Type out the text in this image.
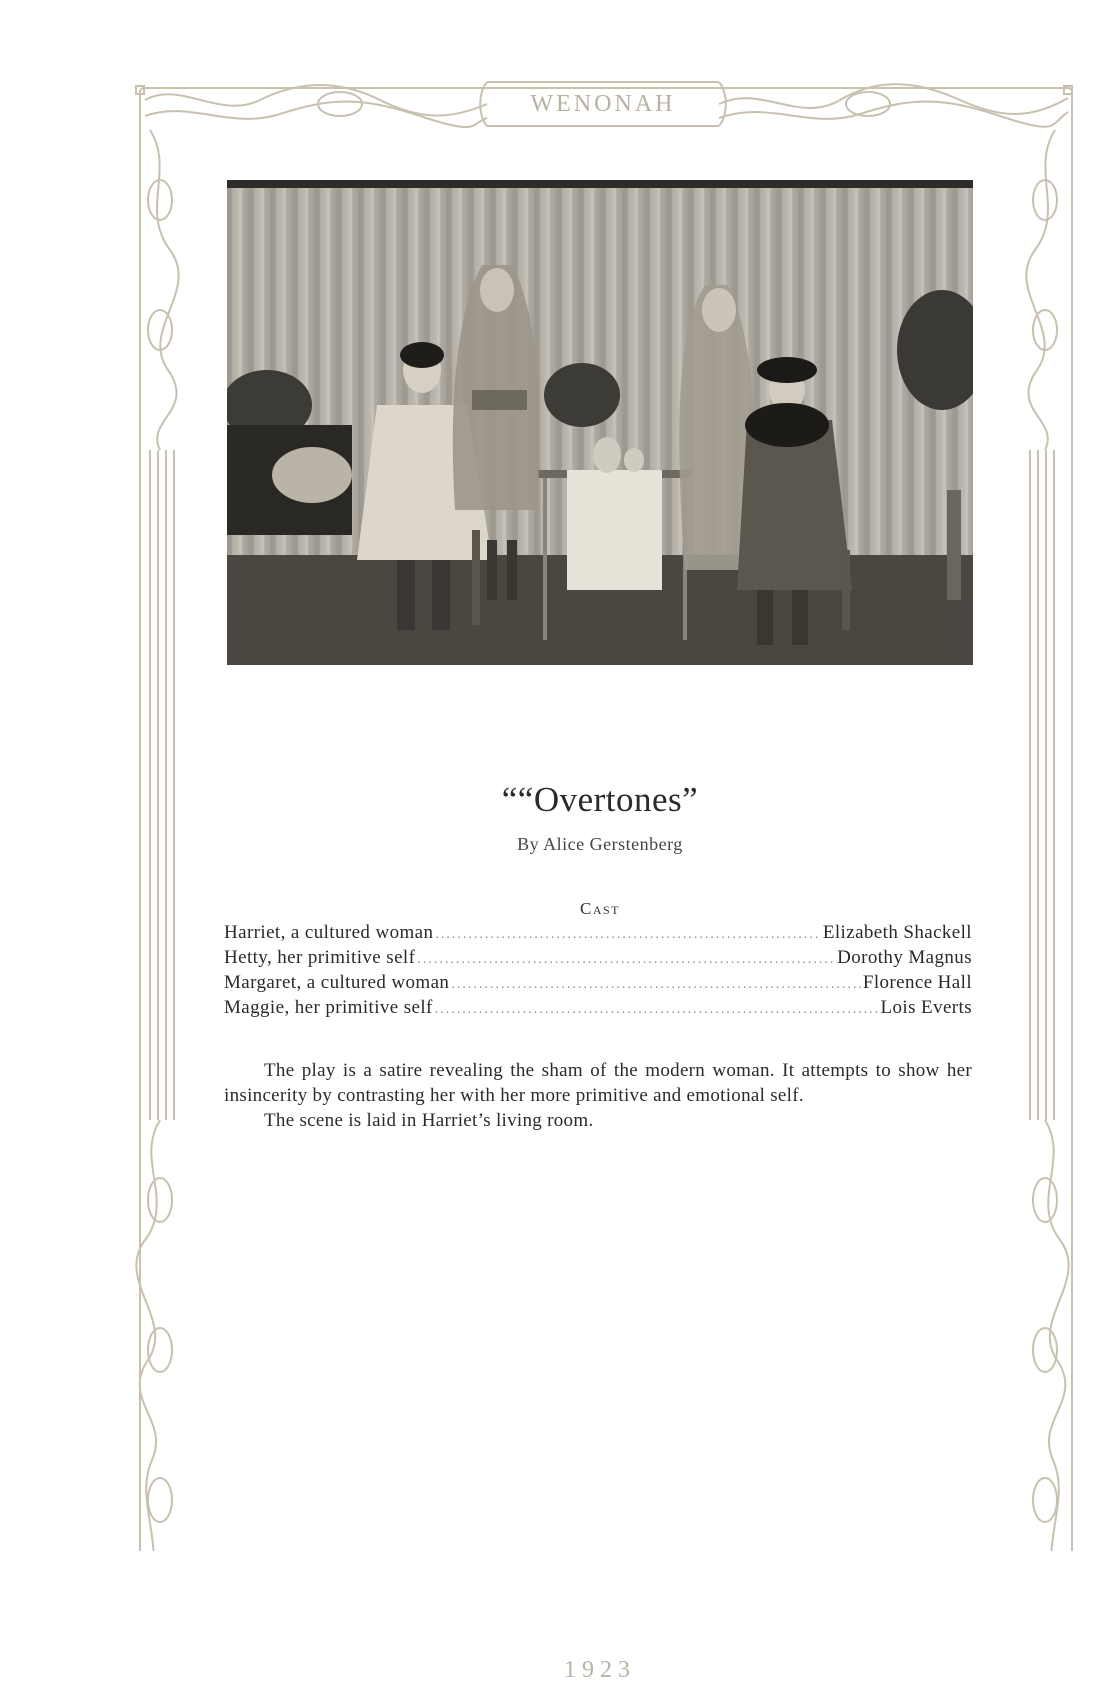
WENONAH
““Overtones”
By Alice Gerstenberg
Cast
Harriet, a cultured woman .....	Elizabeth Shackell
Hetty, her primitive self .....	Dorothy Magnus
Margaret, a cultured woman .....	Florence Hall
Maggie, her primitive self .....	Lois Everts

The play is a satire revealing the sham of the modern woman. It attempts to show her insincerity by contrasting her with her more primitive and emotional self.

The scene is laid in Harriet’s living room.

1923
